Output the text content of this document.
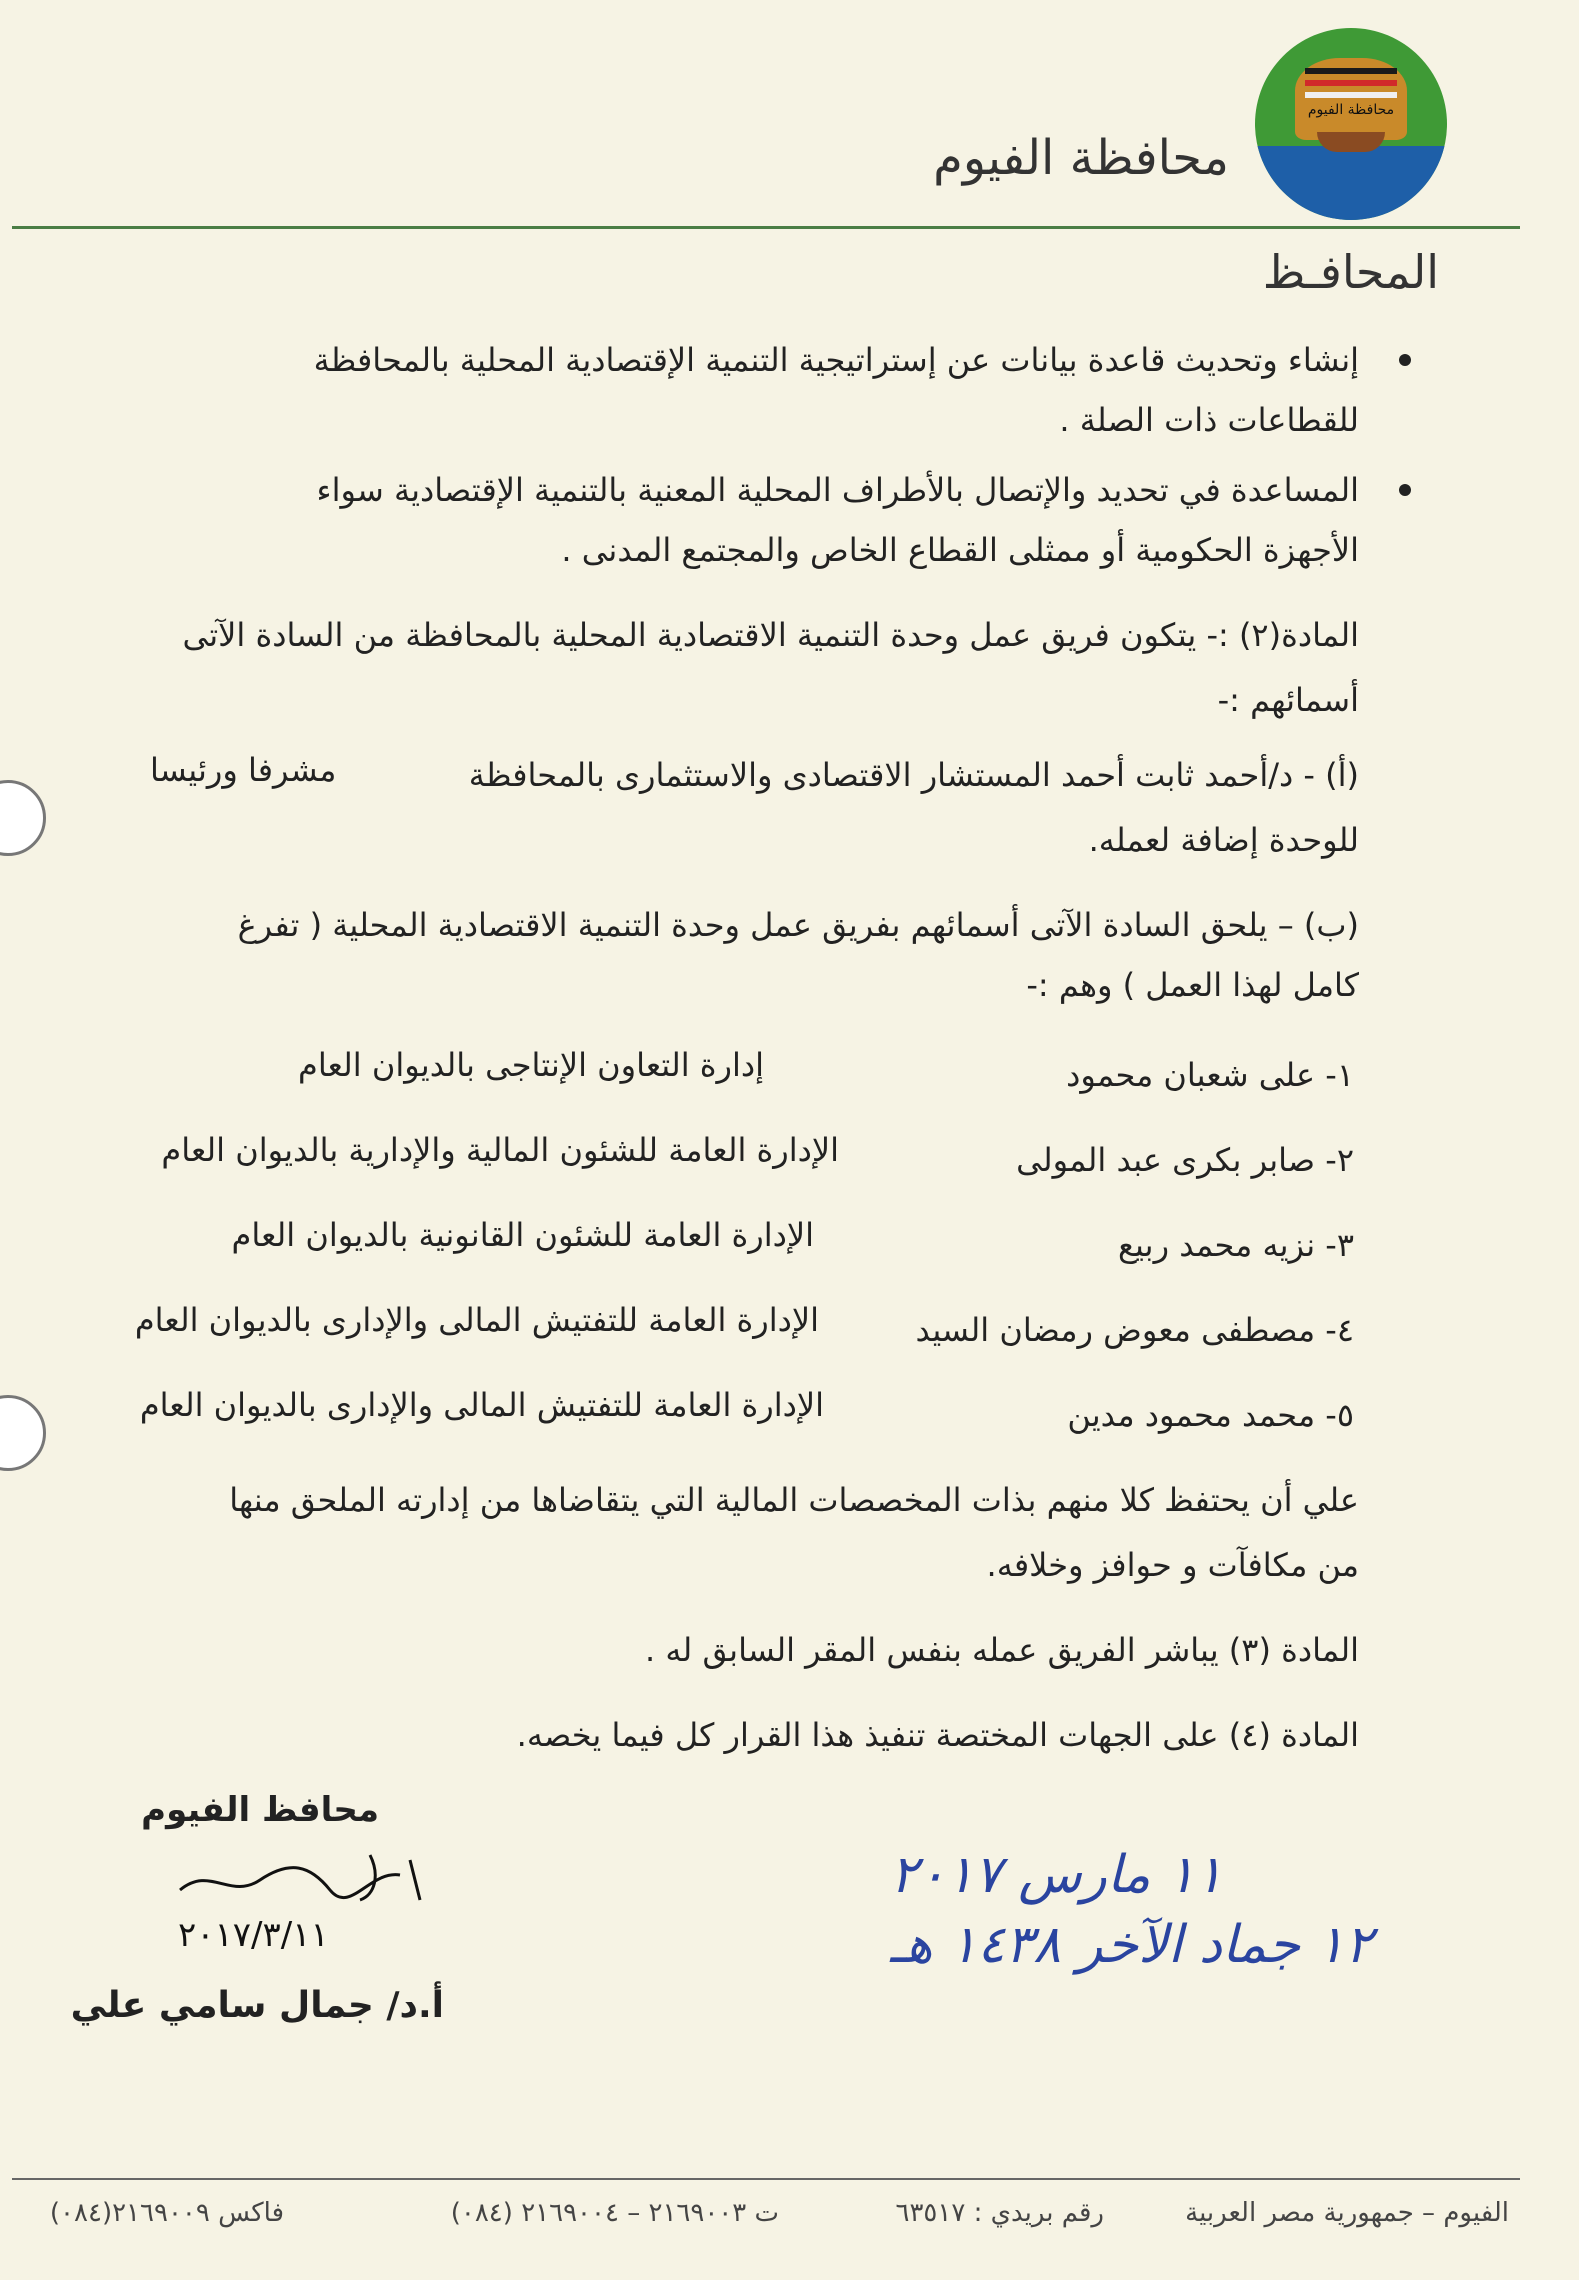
محافظة الفيوم
محافظة الفيوم
المحافـظ
إنشاء وتحديث قاعدة بيانات عن إستراتيجية التنمية الإقتصادية المحلية بالمحافظة
للقطاعات ذات الصلة .
المساعدة في تحديد والإتصال بالأطراف المحلية المعنية بالتنمية الإقتصادية سواء
الأجهزة الحكومية أو ممثلى القطاع الخاص والمجتمع المدنى .
المادة(٢) :- يتكون فريق عمل وحدة التنمية الاقتصادية المحلية بالمحافظة من السادة الآتى
أسمائهم :-
(أ) - د/أحمد ثابت أحمد المستشار الاقتصادى والاستثمارى بالمحافظة
مشرفا ورئيسا
للوحدة إضافة لعمله.
(ب) – يلحق السادة الآتى أسمائهم بفريق عمل وحدة التنمية الاقتصادية المحلية ( تفرغ
كامل لهذا العمل ) وهم :-
١- على شعبان محمود
إدارة التعاون الإنتاجى بالديوان العام
٢- صابر بكرى عبد المولى
الإدارة العامة للشئون المالية والإدارية بالديوان العام
٣- نزيه محمد ربيع
الإدارة العامة للشئون القانونية بالديوان العام
٤- مصطفى معوض رمضان السيد
الإدارة العامة للتفتيش المالى والإدارى بالديوان العام
٥- محمد محمود مدين
الإدارة العامة للتفتيش المالى والإدارى بالديوان العام
علي أن يحتفظ كلا منهم بذات المخصصات المالية التي يتقاضاها من إدارته الملحق منها
من مكافآت و حوافز وخلافه.
المادة (٣) يباشر الفريق عمله بنفس المقر السابق له .
المادة (٤) على الجهات المختصة تنفيذ هذا القرار كل فيما يخصه.
محافظ الفيوم
٢٠١٧/٣/١١
أ.د/ جمال سامي علي
١١ مارس ٢٠١٧
١٢ جماد الآخر ١٤٣٨ هـ
الفيوم – جمهورية مصر العربية
رقم بريدي : ٦٣٥١٧
ت ٢١٦٩٠٠٣ – ٢١٦٩٠٠٤ (٠٨٤)
فاكس ٢١٦٩٠٠٩(٠٨٤)
